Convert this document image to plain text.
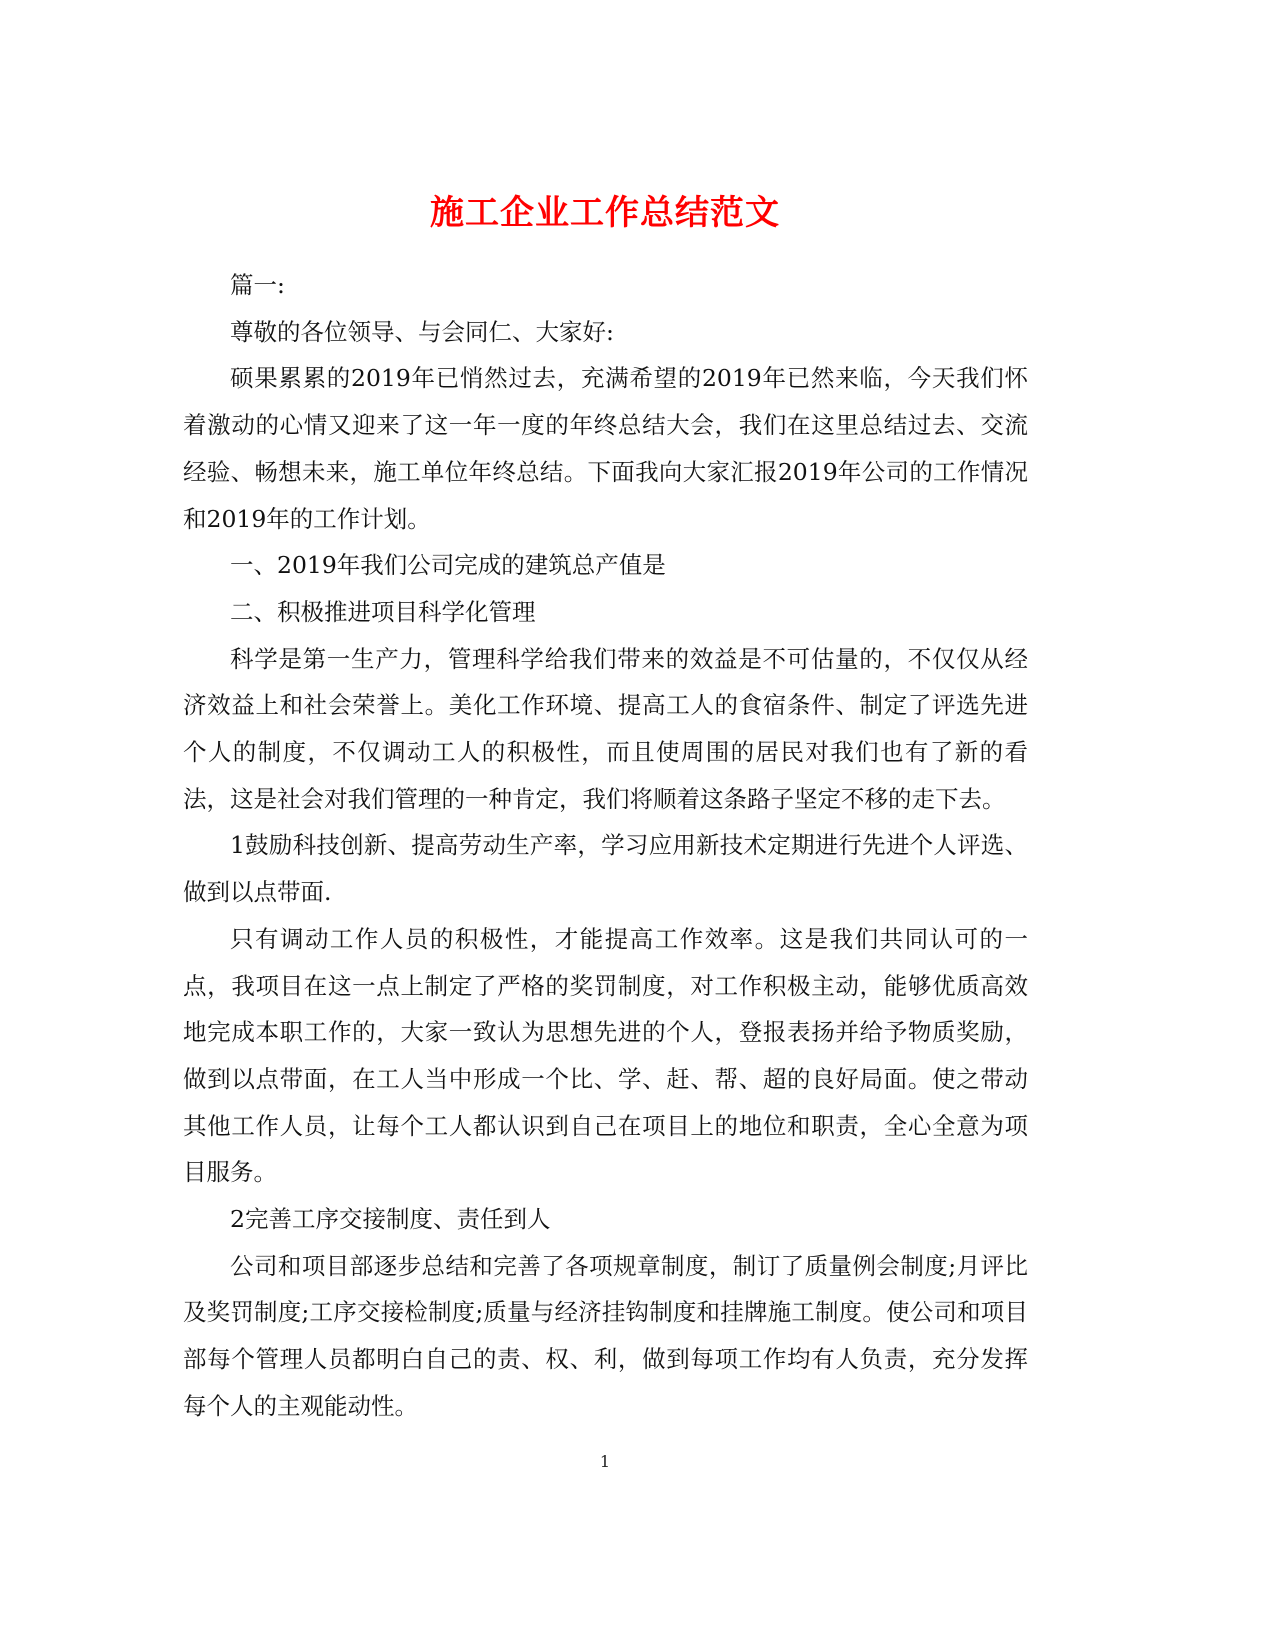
施工企业工作总结范文

篇一:

尊敬的各位领导、与会同仁、大家好:

硕果累累的2019年已悄然过去，充满希望的2019年已然来临，今天我们怀着激动的心情又迎来了这一年一度的年终总结大会，我们在这里总结过去、交流经验、畅想未来，施工单位年终总结。下面我向大家汇报2019年公司的工作情况和2019年的工作计划。

一、2019年我们公司完成的建筑总产值是

二、积极推进项目科学化管理

科学是第一生产力，管理科学给我们带来的效益是不可估量的，不仅仅从经济效益上和社会荣誉上。美化工作环境、提高工人的食宿条件、制定了评选先进个人的制度，不仅调动工人的积极性，而且使周围的居民对我们也有了新的看法，这是社会对我们管理的一种肯定，我们将顺着这条路子坚定不移的走下去。

1鼓励科技创新、提高劳动生产率，学习应用新技术定期进行先进个人评选、做到以点带面.

只有调动工作人员的积极性，才能提高工作效率。这是我们共同认可的一点，我项目在这一点上制定了严格的奖罚制度，对工作积极主动，能够优质高效地完成本职工作的，大家一致认为思想先进的个人，登报表扬并给予物质奖励，做到以点带面，在工人当中形成一个比、学、赶、帮、超的良好局面。使之带动其他工作人员，让每个工人都认识到自己在项目上的地位和职责，全心全意为项目服务。

2完善工序交接制度、责任到人

公司和项目部逐步总结和完善了各项规章制度，制订了质量例会制度;月评比及奖罚制度;工序交接检制度;质量与经济挂钩制度和挂牌施工制度。使公司和项目部每个管理人员都明白自己的责、权、利，做到每项工作均有人负责，充分发挥每个人的主观能动性。

1
